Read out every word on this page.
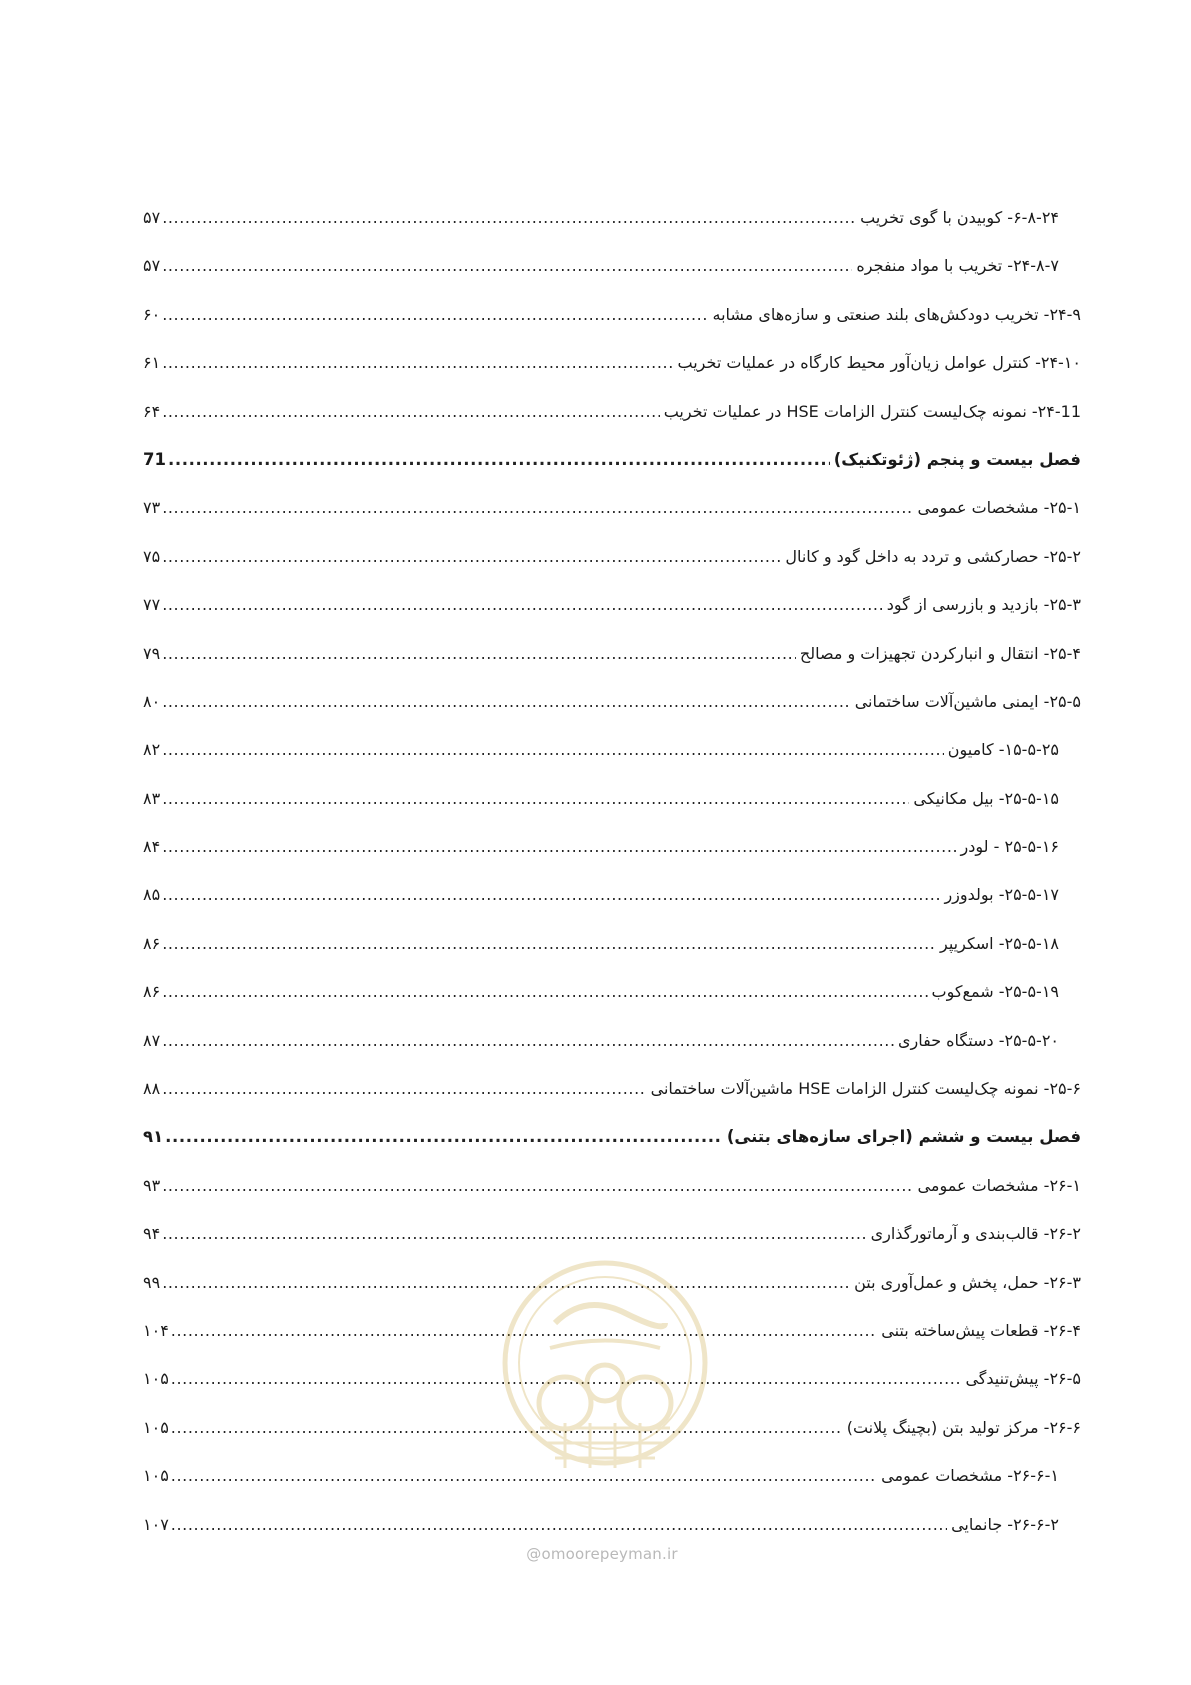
۶-۸-۲۴- کوبیدن با گوی تخریب
.....
۵۷
۲۴-۸-۷- تخریب با مواد منفجره
.....
۵۷
۲۴-۹- تخریب دودکش‌های بلند صنعتی و سازه‌های مشابه
.....
۶۰
۲۴-۱۰- کنترل عوامل زیان‌آور محیط کارگاه در عملیات تخریب
.....
۶۱
۲۴-11- نمونه چک‌لیست کنترل الزامات HSE در عملیات تخریب
.....
۶۴
فصل بیست و پنجم (ژئوتکنیک)
.....
71
۲۵-۱- مشخصات عمومی
.....
۷۳
۲۵-۲- حصارکشی و تردد به داخل گود و کانال
.....
۷۵
۲۵-۳- بازدید و بازرسی از گود
.....
۷۷
۲۵-۴- انتقال و انبارکردن تجهیزات و مصالح
.....
۷۹
۲۵-۵- ایمنی ماشین‌آلات ساختمانی
.....
۸۰
۱۵-۵-۲۵- کامیون
.....
۸۲
۲۵-۵-۱۵- بیل مکانیکی
.....
۸۳
۲۵-۵-۱۶ - لودر
.....
۸۴
۲۵-۵-۱۷- بولدوزر
.....
۸۵
۲۵-۵-۱۸- اسکریپر
.....
۸۶
۲۵-۵-۱۹- شمع‌کوب
.....
۸۶
۲۵-۵-۲۰- دستگاه حفاری
.....
۸۷
۲۵-۶- نمونه چک‌لیست کنترل الزامات HSE ماشین‌آلات ساختمانی
.....
۸۸
فصل بیست و ششم (اجرای سازه‌های بتنی)
.....
۹۱
۲۶-۱- مشخصات عمومی
.....
۹۳
۲۶-۲- قالب‌بندی و آرماتورگذاری
.....
۹۴
۲۶-۳- حمل، پخش و عمل‌آوری بتن
.....
۹۹
۲۶-۴- قطعات پیش‌ساخته بتنی
.....
۱۰۴
۲۶-۵- پیش‌تنیدگی
.....
۱۰۵
۲۶-۶- مرکز تولید بتن (بچینگ پلانت)
.....
۱۰۵
۲۶-۶-۱- مشخصات عمومی
.....
۱۰۵
۲۶-۶-۲- جانمایی
.....
۱۰۷
@omoorepeyman.ir
